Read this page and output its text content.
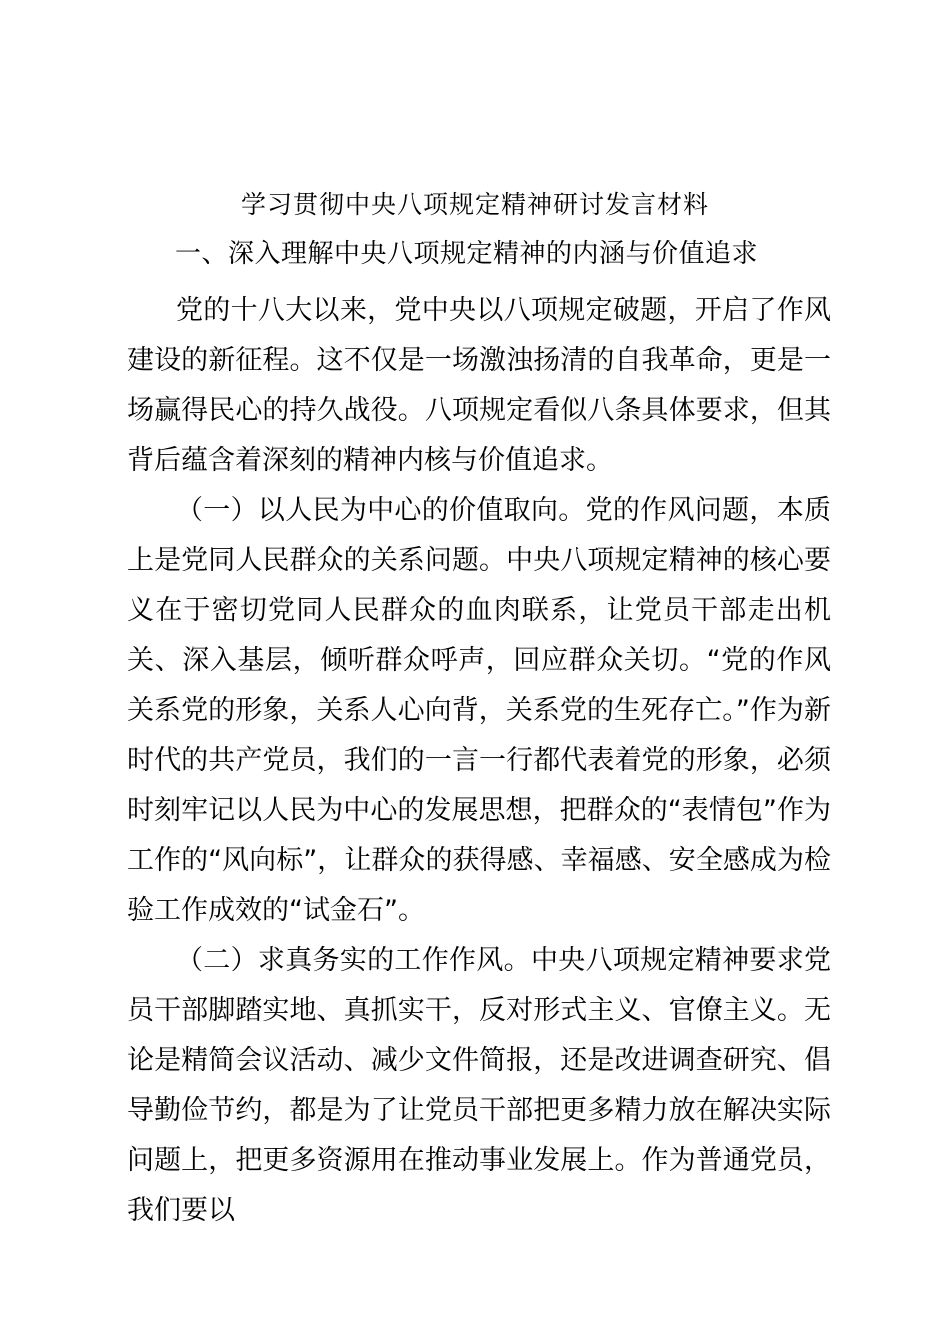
学习贯彻中央八项规定精神研讨发言材料
一、深入理解中央八项规定精神的内涵与价值追求

党的十八大以来，党中央以八项规定破题，开启了作风建设的新征程。这不仅是一场激浊扬清的自我革命，更是一场赢得民心的持久战役。八项规定看似八条具体要求，但其背后蕴含着深刻的精神内核与价值追求。

（一）以人民为中心的价值取向。党的作风问题，本质上是党同人民群众的关系问题。中央八项规定精神的核心要义在于密切党同人民群众的血肉联系，让党员干部走出机关、深入基层，倾听群众呼声，回应群众关切。“党的作风关系党的形象，关系人心向背，关系党的生死存亡。”作为新时代的共产党员，我们的一言一行都代表着党的形象，必须时刻牢记以人民为中心的发展思想，把群众的“表情包”作为工作的“风向标”，让群众的获得感、幸福感、安全感成为检验工作成效的“试金石”。

（二）求真务实的工作作风。中央八项规定精神要求党员干部脚踏实地、真抓实干，反对形式主义、官僚主义。无论是精简会议活动、减少文件简报，还是改进调查研究、倡导勤俭节约，都是为了让党员干部把更多精力放在解决实际问题上，把更多资源用在推动事业发展上。作为普通党员，我们要以
